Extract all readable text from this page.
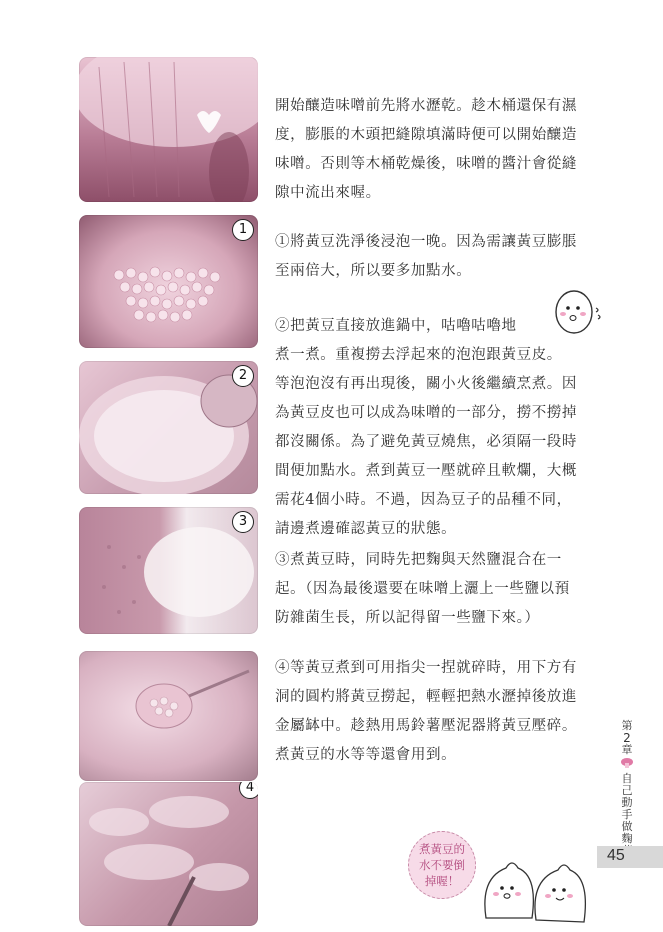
1
2
3
4

開始釀造味噌前先將水瀝乾。趁木桶還保有濕
度，膨脹的木頭把縫隙填滿時便可以開始釀造
味噌。否則等木桶乾燥後，味噌的醬汁會從縫
隙中流出來喔。

①將黃豆洗淨後浸泡一晚。因為需讓黃豆膨脹
至兩倍大，所以要多加點水。

②把黃豆直接放進鍋中，咕嚕咕嚕地
煮一煮。重複撈去浮起來的泡泡跟黃豆皮。
等泡泡沒有再出現後，關小火後繼續烹煮。因
為黃豆皮也可以成為味噌的一部分，撈不撈掉
都沒關係。為了避免黃豆燒焦，必須隔一段時
間便加點水。煮到黃豆一壓就碎且軟爛，大概
需花4個小時。不過，因為豆子的品種不同，
請邊煮邊確認黃豆的狀態。

③煮黃豆時，同時先把麴與天然鹽混合在一
起。（因為最後還要在味噌上灑上一些鹽以預
防雜菌生長，所以記得留一些鹽下來。）

④等黃豆煮到可用指尖一捏就碎時，用下方有
洞的圓杓將黃豆撈起，輕輕把熱水瀝掉後放進
金屬缽中。趁熱用馬鈴薯壓泥器將黃豆壓碎。
煮黃豆的水等等還會用到。

第
2
章
自己動手做麴
45
煮黃豆的
水不要倒
掉喔！
